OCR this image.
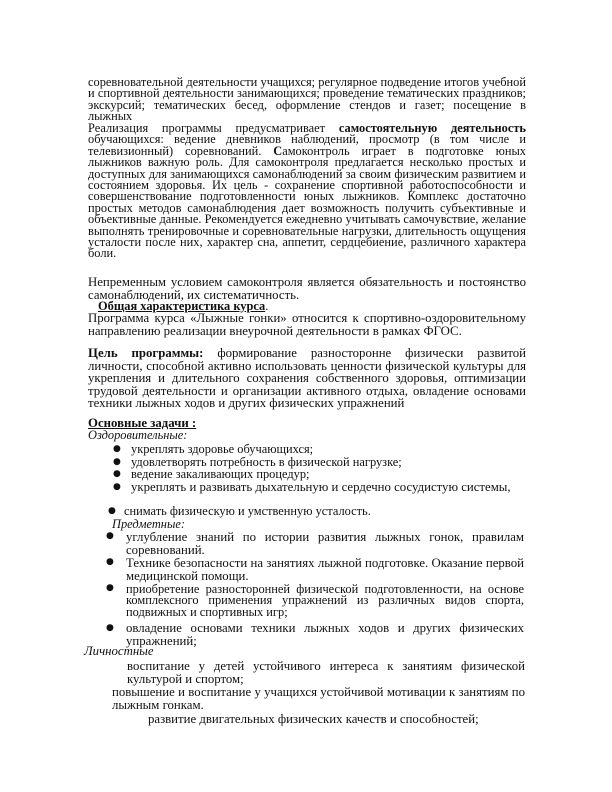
соревновательной деятельности учащихся; регулярное подведение итогов учебной и спортивной деятельности занимающихся; проведение тематических праздников; экскурсий; тематических бесед, оформление стендов и газет; посещение в лыжных

Реализация программы предусматривает самостоятельную деятельность обучающихся: ведение дневников наблюдений, просмотр (в том числе и телевизионный) соревнований. Самоконтроль играет в подготовке юных лыжников важную роль. Для самоконтроля предлагается несколько простых и доступных для занимающихся самонаблюдений за своим физическим развитием и состоянием здоровья. Их цель - сохранение спортивной работоспособности и совершенствование подготовленности юных лыжников. Комплекс достаточно простых методов самонаблюдения дает возможность получить субъективные и объективные данные. Рекомендуется ежедневно учитывать самочувствие, желание выполнять тренировочные и соревновательные нагрузки, длительность ощущения усталости после них, характер сна, аппетит, сердцебиение, различного характера боли.

Непременным условием самоконтроля является обязательность и постоянство самонаблюдений, их систематичность.

Общая характеристика курса.

Программа курса «Лыжные гонки» относится к спортивно-оздоровительному направлению реализации внеурочной деятельности в рамках ФГОС.

Цель программы: формирование разносторонне физически развитой личности, способной активно использовать ценности физической культуры для укрепления и длительного сохранения собственного здоровья, оптимизации трудовой деятельности и организации активного отдыха, овладение основами техники лыжных ходов и других физических упражнений

Основные задачи :

Оздоровительные:

● укреплять здоровье обучающихся;

● удовлетворять потребность в физической нагрузке;

● ведение закаливающих процедур;

● укреплять и развивать дыхательную и сердечно сосудистую системы,

● снимать физическую и умственную усталость.

Предметные:

● углубление знаний по истории развития лыжных гонок, правилам соревнований.

● Технике безопасности на занятиях лыжной подготовке. Оказание первой медицинской помощи.

● приобретение разносторонней физической подготовленности, на основе комплексного применения упражнений из различных видов спорта, подвижных и спортивных игр;

● овладение основами техники лыжных ходов и других физических упражнений;

Личностные

воспитание у детей устойчивого интереса к занятиям физической культурой и спортом;

повышение и воспитание у учащихся устойчивой мотивации к занятиям по лыжным гонкам.

развитие двигательных физических качеств и способностей;
